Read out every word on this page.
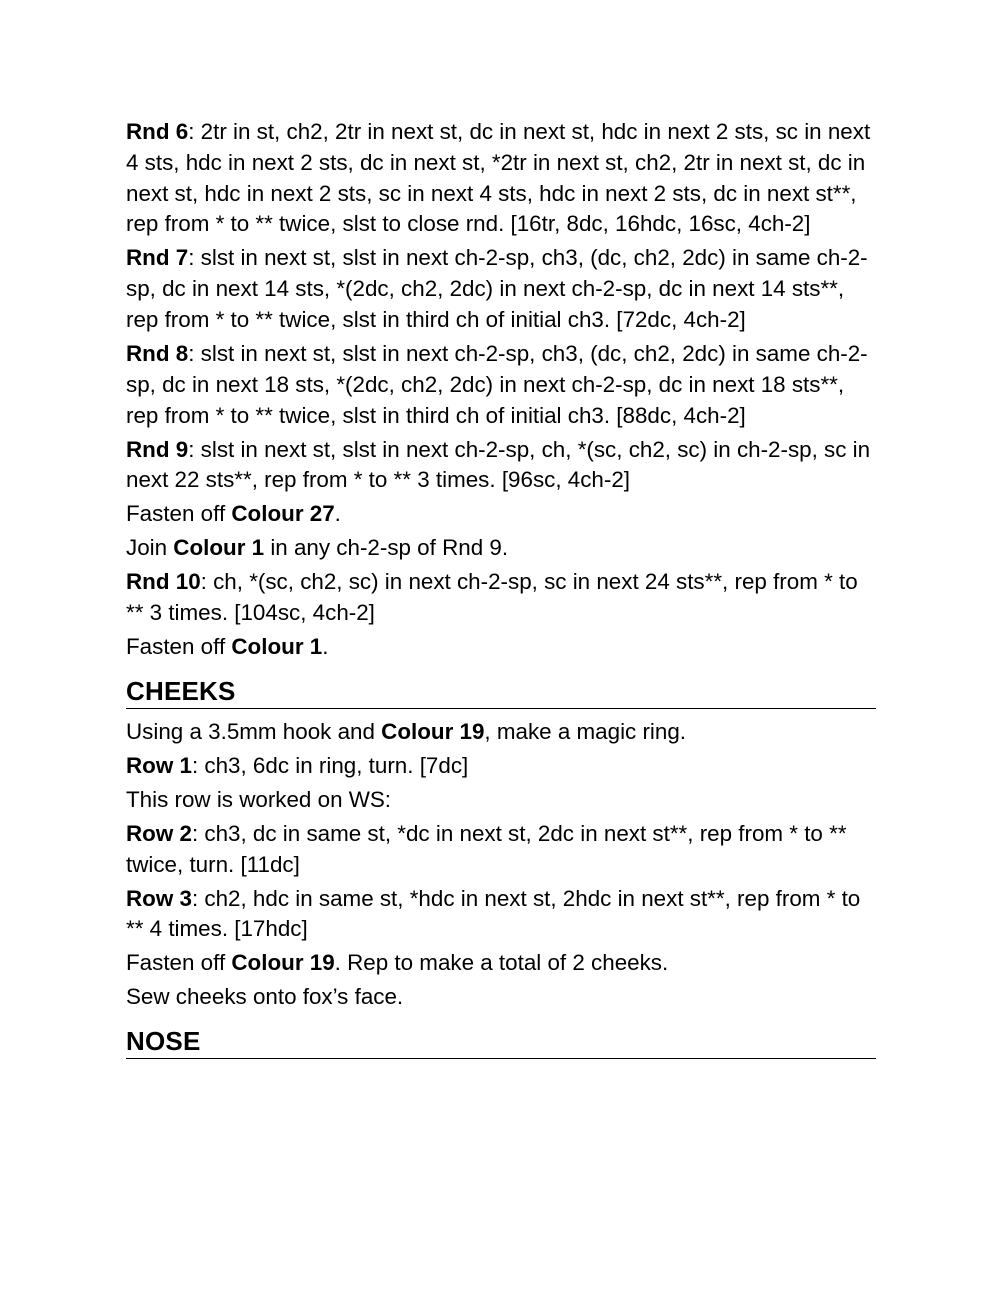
Rnd 6: 2tr in st, ch2, 2tr in next st, dc in next st, hdc in next 2 sts, sc in next 4 sts, hdc in next 2 sts, dc in next st, *2tr in next st, ch2, 2tr in next st, dc in next st, hdc in next 2 sts, sc in next 4 sts, hdc in next 2 sts, dc in next st**, rep from * to ** twice, slst to close rnd. [16tr, 8dc, 16hdc, 16sc, 4ch-2]

Rnd 7: slst in next st, slst in next ch-2-sp, ch3, (dc, ch2, 2dc) in same ch-2-sp, dc in next 14 sts, *(2dc, ch2, 2dc) in next ch-2-sp, dc in next 14 sts**, rep from * to ** twice, slst in third ch of initial ch3. [72dc, 4ch-2]

Rnd 8: slst in next st, slst in next ch-2-sp, ch3, (dc, ch2, 2dc) in same ch-2-sp, dc in next 18 sts, *(2dc, ch2, 2dc) in next ch-2-sp, dc in next 18 sts**, rep from * to ** twice, slst in third ch of initial ch3. [88dc, 4ch-2]

Rnd 9: slst in next st, slst in next ch-2-sp, ch, *(sc, ch2, sc) in ch-2-sp, sc in next 22 sts**, rep from * to ** 3 times. [96sc, 4ch-2]

Fasten off Colour 27.

Join Colour 1 in any ch-2-sp of Rnd 9.

Rnd 10: ch, *(sc, ch2, sc) in next ch-2-sp, sc in next 24 sts**, rep from * to ** 3 times. [104sc, 4ch-2]

Fasten off Colour 1.

CHEEKS

Using a 3.5mm hook and Colour 19, make a magic ring.

Row 1: ch3, 6dc in ring, turn. [7dc]

This row is worked on WS:

Row 2: ch3, dc in same st, *dc in next st, 2dc in next st**, rep from * to ** twice, turn. [11dc]

Row 3: ch2, hdc in same st, *hdc in next st, 2hdc in next st**, rep from * to ** 4 times. [17hdc]

Fasten off Colour 19. Rep to make a total of 2 cheeks.

Sew cheeks onto fox’s face.

NOSE
